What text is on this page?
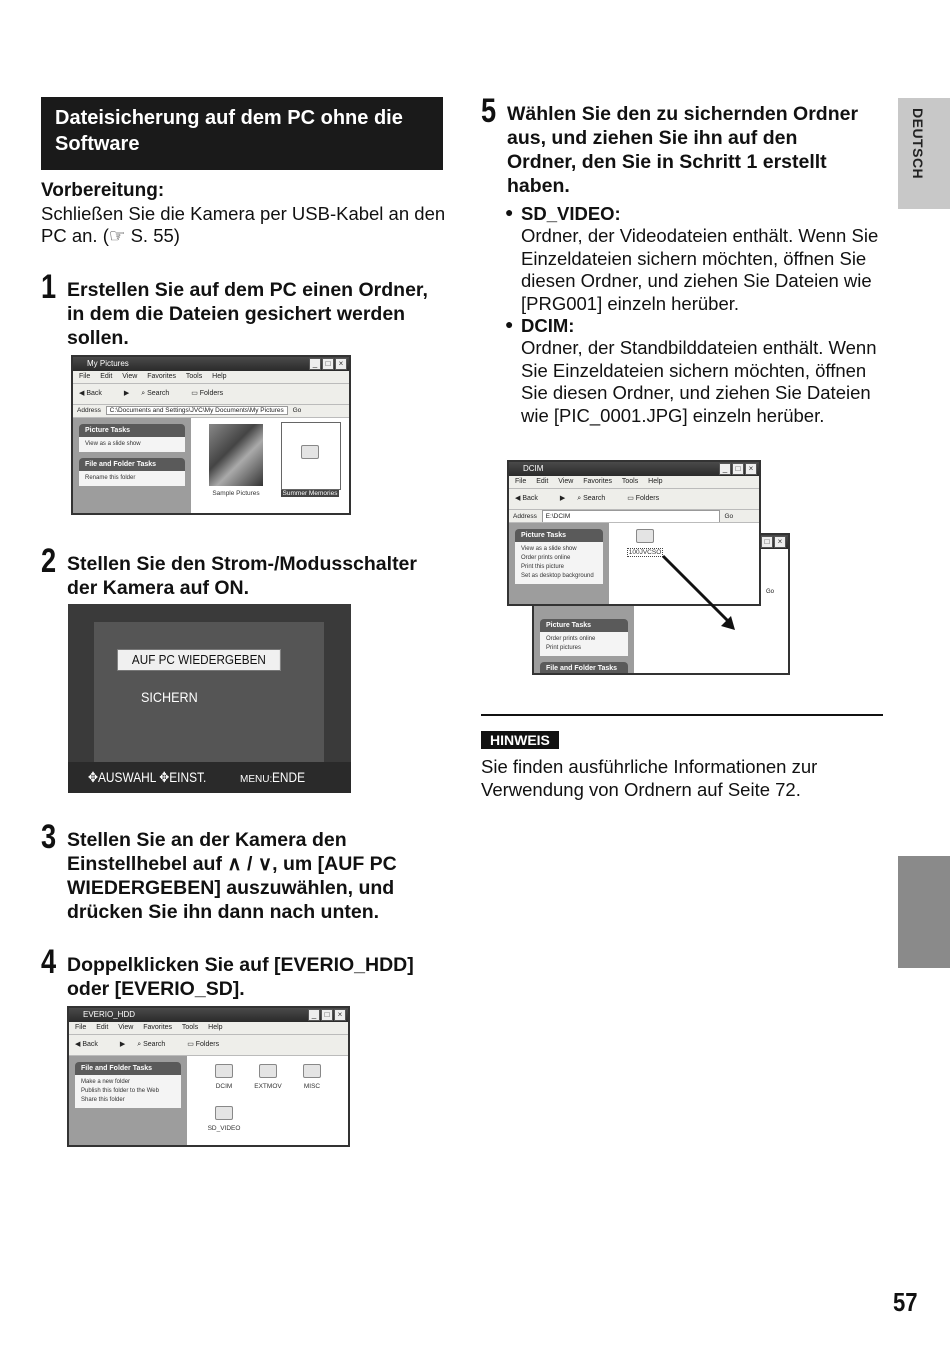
DEUTSCH
Dateisicherung auf dem PC ohne die Software
Vorbereitung:
Schließen Sie die Kamera per USB-Kabel an den PC an. (☞ S. 55)
1 Erstellen Sie auf dem PC einen Ordner, in dem die Dateien gesichert werden sollen.
My Pictures	_	□	×
File Edit View Favorites Tools Help
◀ Back	▶ ⌕ Search	▭ Folders
Address C:\Documents and Settings\JVC\My Documents\My Pictures Go
Picture Tasks
View as a slide show
File and Folder Tasks
Rename this folder
Sample Pictures	Summer Memories
2 Stellen Sie den Strom-/Modusschalter der Kamera auf ON.
AUF PC WIEDERGEBEN
SICHERN
✥AUSWAHL ✥EINST.	MENU:ENDE
3 Stellen Sie an der Kamera den Einstellhebel auf ∧ / ∨, um [AUF PC WIEDERGEBEN] auszuwählen, und drücken Sie ihn dann nach unten.
4 Doppelklicken Sie auf [EVERIO_HDD] oder [EVERIO_SD].
EVERIO_HDD	_	□	×
File Edit View Favorites Tools Help
◀ Back	▶ ⌕ Search	▭ Folders
File and Folder Tasks
Make a new folder
Publish this folder to the Web
Share this folder
DCIM	EXTMOV	MISC
SD_VIDEO
5 Wählen Sie den zu sichernden Ordner aus, und ziehen Sie ihn auf den Ordner, den Sie in Schritt 1 erstellt haben.
● SD_VIDEO:
Ordner, der Videodateien enthält. Wenn Sie Einzeldateien sichern möchten, öffnen Sie diesen Ordner, und ziehen Sie Dateien wie [PRG001] einzeln herüber.
● DCIM:
Ordner, der Standbilddateien enthält. Wenn Sie Einzeldateien sichern möchten, öffnen Sie diesen Ordner, und ziehen Sie Dateien wie [PIC_0001.JPG] einzeln herüber.
□	×
Picture Tasks
Order prints online
Print pictures
File and Folder Tasks
Go
DCIM	_	□	×
File Edit View Favorites Tools Help
◀ Back	▶ ⌕ Search	▭ Folders
Address E:\DCIM	Go
Picture Tasks
View as a slide show
Order prints online
Print this picture
Set as desktop background
100JVCSO
HINWEIS
Sie finden ausführliche Informationen zur Verwendung von Ordnern auf Seite 72.
57
